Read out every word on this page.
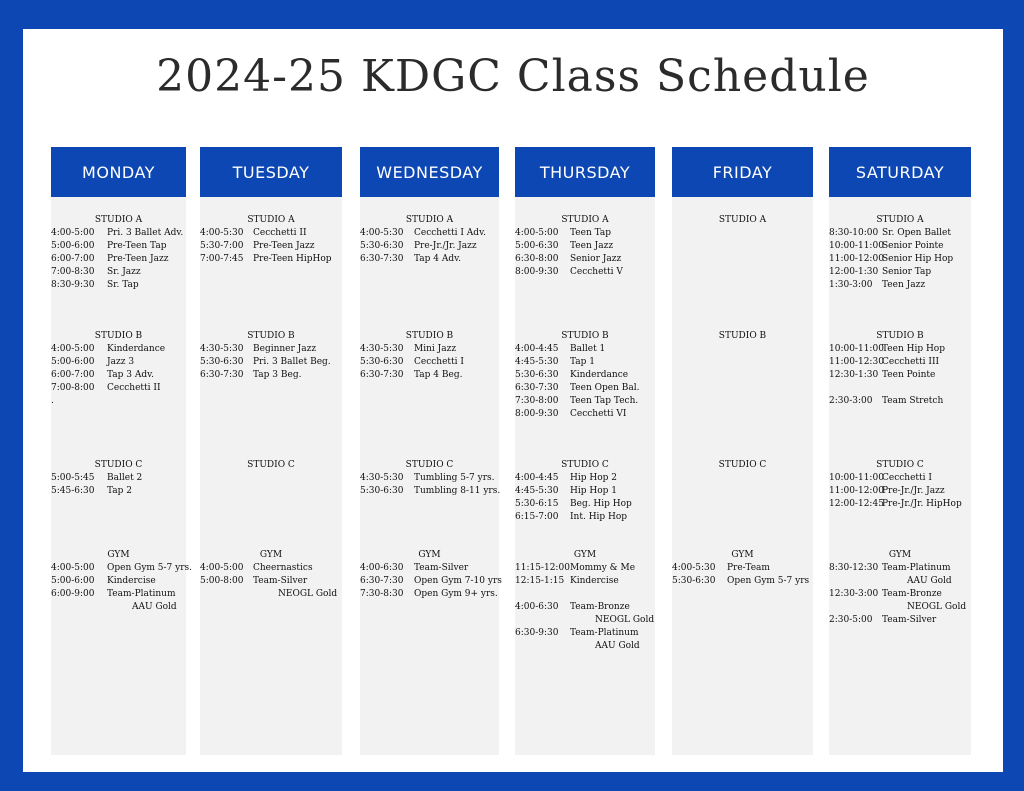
2024-25 KDGC Class Schedule
MONDAY
STUDIO A
4:00-5:00	Pri. 3 Ballet Adv.
5:00-6:00	Pre-Teen Tap
6:00-7:00	Pre-Teen Jazz
7:00-8:30	Sr. Jazz
8:30-9:30	Sr. Tap
STUDIO B
4:00-5:00	Kinderdance
5:00-6:00	Jazz 3
6:00-7:00	Tap 3 Adv.
7:00-8:00	Cecchetti II
.
STUDIO C
5:00-5:45	Ballet 2
5:45-6:30	Tap 2
GYM
4:00-5:00	Open Gym 5-7 yrs.
5:00-6:00	Kindercise
6:00-9:00	Team-Platinum
AAU Gold
TUESDAY
STUDIO A
4:00-5:30	Cecchetti II
5:30-7:00	Pre-Teen Jazz
7:00-7:45	Pre-Teen HipHop
STUDIO B
4:30-5:30	Beginner Jazz
5:30-6:30	Pri. 3 Ballet Beg.
6:30-7:30	Tap 3 Beg.
STUDIO C
GYM
4:00-5:00	Cheernastics
5:00-8:00	Team-Silver
NEOGL Gold
WEDNESDAY
STUDIO A
4:00-5:30	Cecchetti I Adv.
5:30-6:30	Pre-Jr./Jr. Jazz
6:30-7:30	Tap 4 Adv.
STUDIO B
4:30-5:30	Mini Jazz
5:30-6:30	Cecchetti I
6:30-7:30	Tap 4 Beg.
STUDIO C
4:30-5:30	Tumbling 5-7 yrs.
5:30-6:30	Tumbling 8-11 yrs.
GYM
4:00-6:30	Team-Silver
6:30-7:30	Open Gym 7-10 yrs
7:30-8:30	Open Gym 9+ yrs.
THURSDAY
STUDIO A
4:00-5:00	Teen Tap
5:00-6:30	Teen Jazz
6:30-8:00	Senior Jazz
8:00-9:30	Cecchetti V
STUDIO B
4:00-4:45	Ballet 1
4:45-5:30	Tap 1
5:30-6:30	Kinderdance
6:30-7:30	Teen Open Bal.
7:30-8:00	Teen Tap Tech.
8:00-9:30	Cecchetti VI
STUDIO C
4:00-4:45	Hip Hop 2
4:45-5:30	Hip Hop 1
5:30-6:15	Beg. Hip Hop
6:15-7:00	Int. Hip Hop
GYM
11:15-12:00 Mommy & Me
12:15-1:15 Kindercise
4:00-6:30	Team-Bronze
NEOGL Gold
6:30-9:30	Team-Platinum
AAU Gold
FRIDAY
STUDIO A
STUDIO B
STUDIO C
GYM
4:00-5:30	Pre-Team
5:30-6:30	Open Gym 5-7 yrs
SATURDAY
STUDIO A
8:30-10:00 Sr. Open Ballet
10:00-11:00
Senior Pointe
11:00-12:00
Senior Hip Hop
12:00-1:30 Senior Tap
1:30-3:00	Teen Jazz
STUDIO B
10:00-11:00
Teen Hip Hop
11:00-12:30
Cecchetti III
12:30-1:30 Teen Pointe
2:30-3:00	Team Stretch
STUDIO C
10:00-11:00
Cecchetti I
11:00-12:00
Pre-Jr./Jr. Jazz
12:00-12:45
Pre-Jr./Jr. HipHop
GYM
8:30-12:30 Team-Platinum
AAU Gold
12:30-3:00 Team-Bronze
NEOGL Gold
2:30-5:00	Team-Silver
